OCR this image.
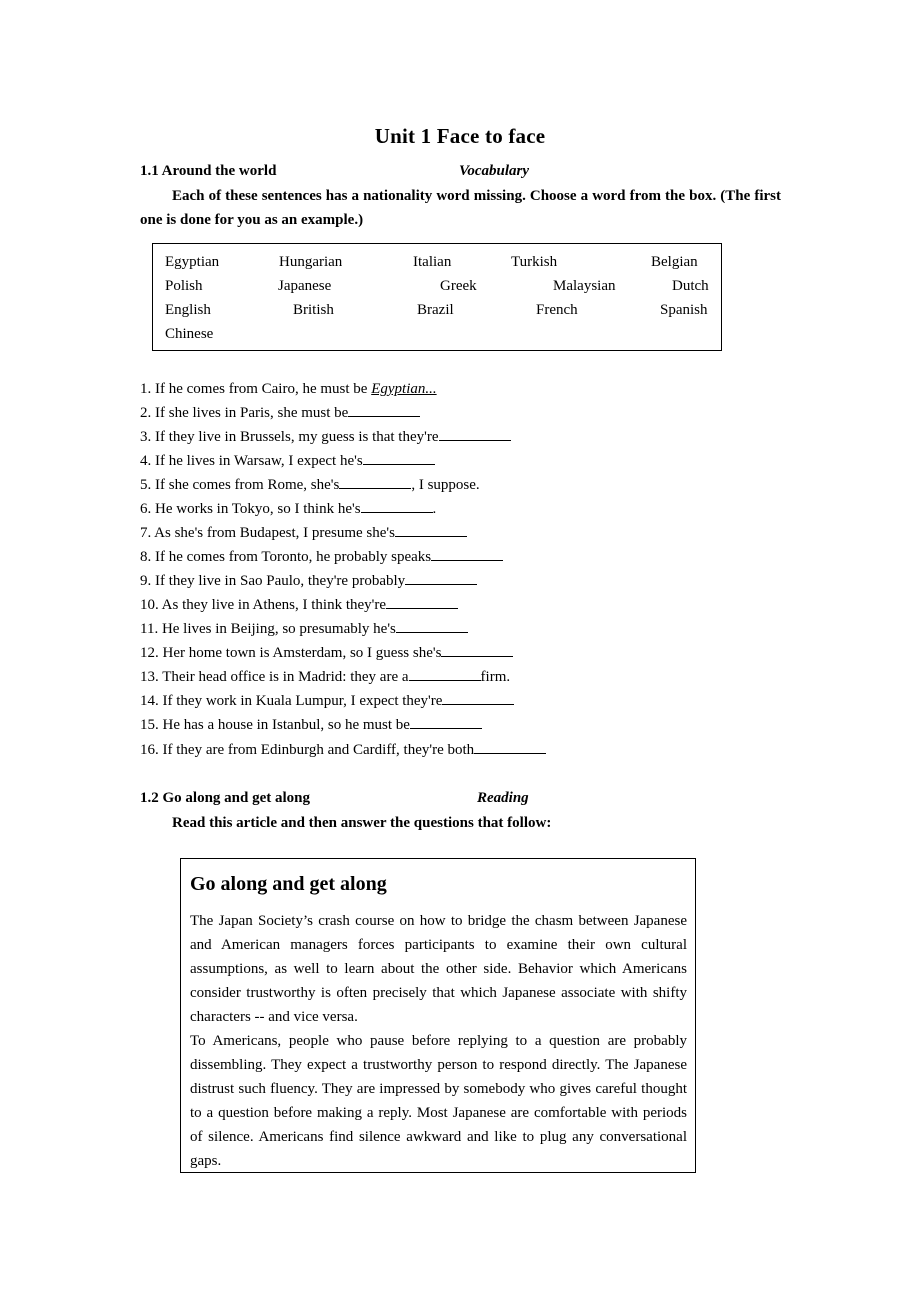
Unit 1 Face to face
1.1 Around the world	Vocabulary
Each of these sentences has a nationality word missing. Choose a word from the box. (The first one is done for you as an example.)
Egyptian	Hungarian	Italian	Turkish	Belgian
Polish	Japanese	Greek	Malaysian	Dutch
English	British	Brazil	French	Spanish
Chinese
1. If he comes from Cairo, he must be Egyptian...
2. If she lives in Paris, she must be
3. If they live in Brussels, my guess is that they're
4. If he lives in Warsaw, I expect he's
5. If she comes from Rome, she's	, I suppose.
6. He works in Tokyo, so I think he's	.
7. As she's from Budapest, I presume she's
8. If he comes from Toronto, he probably speaks
9. If they live in Sao Paulo, they're probably
10. As they live in Athens, I think they're
11. He lives in Beijing, so presumably he's
12. Her home town is Amsterdam, so I guess she's
13. Their head office is in Madrid: they are a	firm.
14. If they work in Kuala Lumpur, I expect they're
15. He has a house in Istanbul, so he must be
16. If they are from Edinburgh and Cardiff, they're both
1.2 Go along and get along	Reading
Read this article and then answer the questions that follow:
Go along and get along

The Japan Society’s crash course on how to bridge the chasm between Japanese and American managers forces participants to examine their own cultural assumptions, as well to learn about the other side. Behavior which Americans consider trustworthy is often precisely that which Japanese associate with shifty characters -- and vice versa.

To Americans, people who pause before replying to a question are probably dissembling. They expect a trustworthy person to respond directly. The Japanese distrust such fluency. They are impressed by somebody who gives careful thought to a question before making a reply. Most Japanese are comfortable with periods of silence. Americans find silence awkward and like to plug any conversational gaps.
